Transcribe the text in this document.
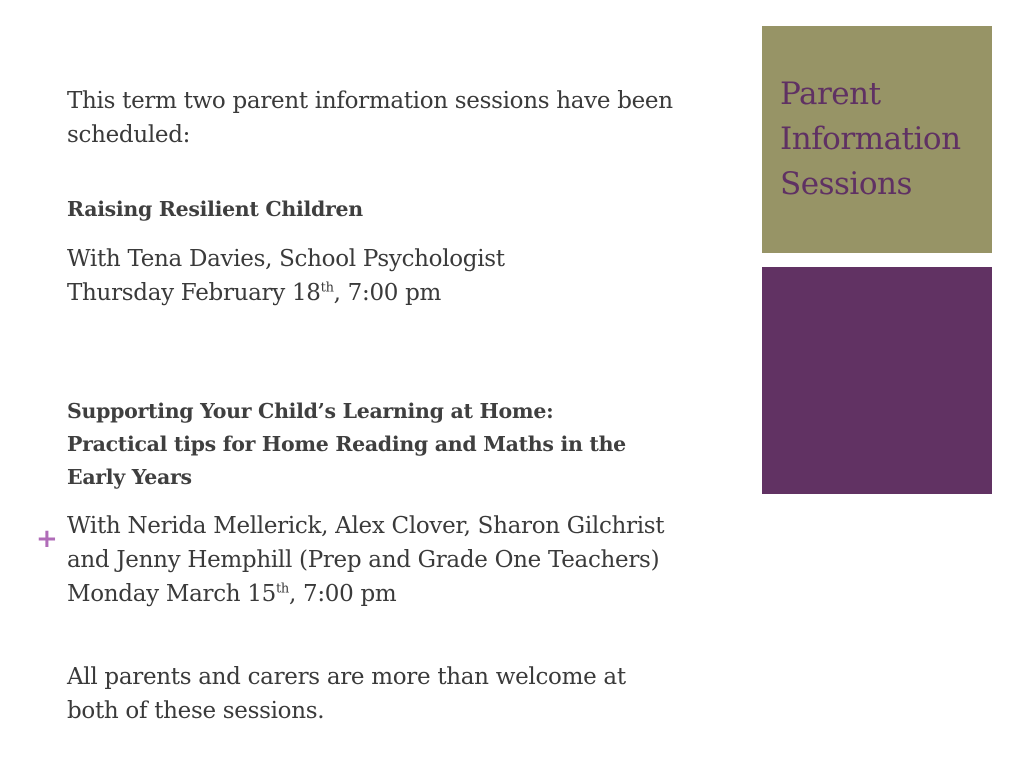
Parent
Information
Sessions
+

This term two parent information sessions have been
scheduled:

Raising Resilient Children

With Tena Davies, School Psychologist
Thursday February 18th, 7:00 pm

Supporting Your Child’s Learning at Home:
Practical tips for Home Reading and Maths in the
Early Years

With Nerida Mellerick, Alex Clover, Sharon Gilchrist
and Jenny Hemphill (Prep and Grade One Teachers)
Monday March 15th, 7:00 pm

All parents and carers are more than welcome at
both of these sessions.
